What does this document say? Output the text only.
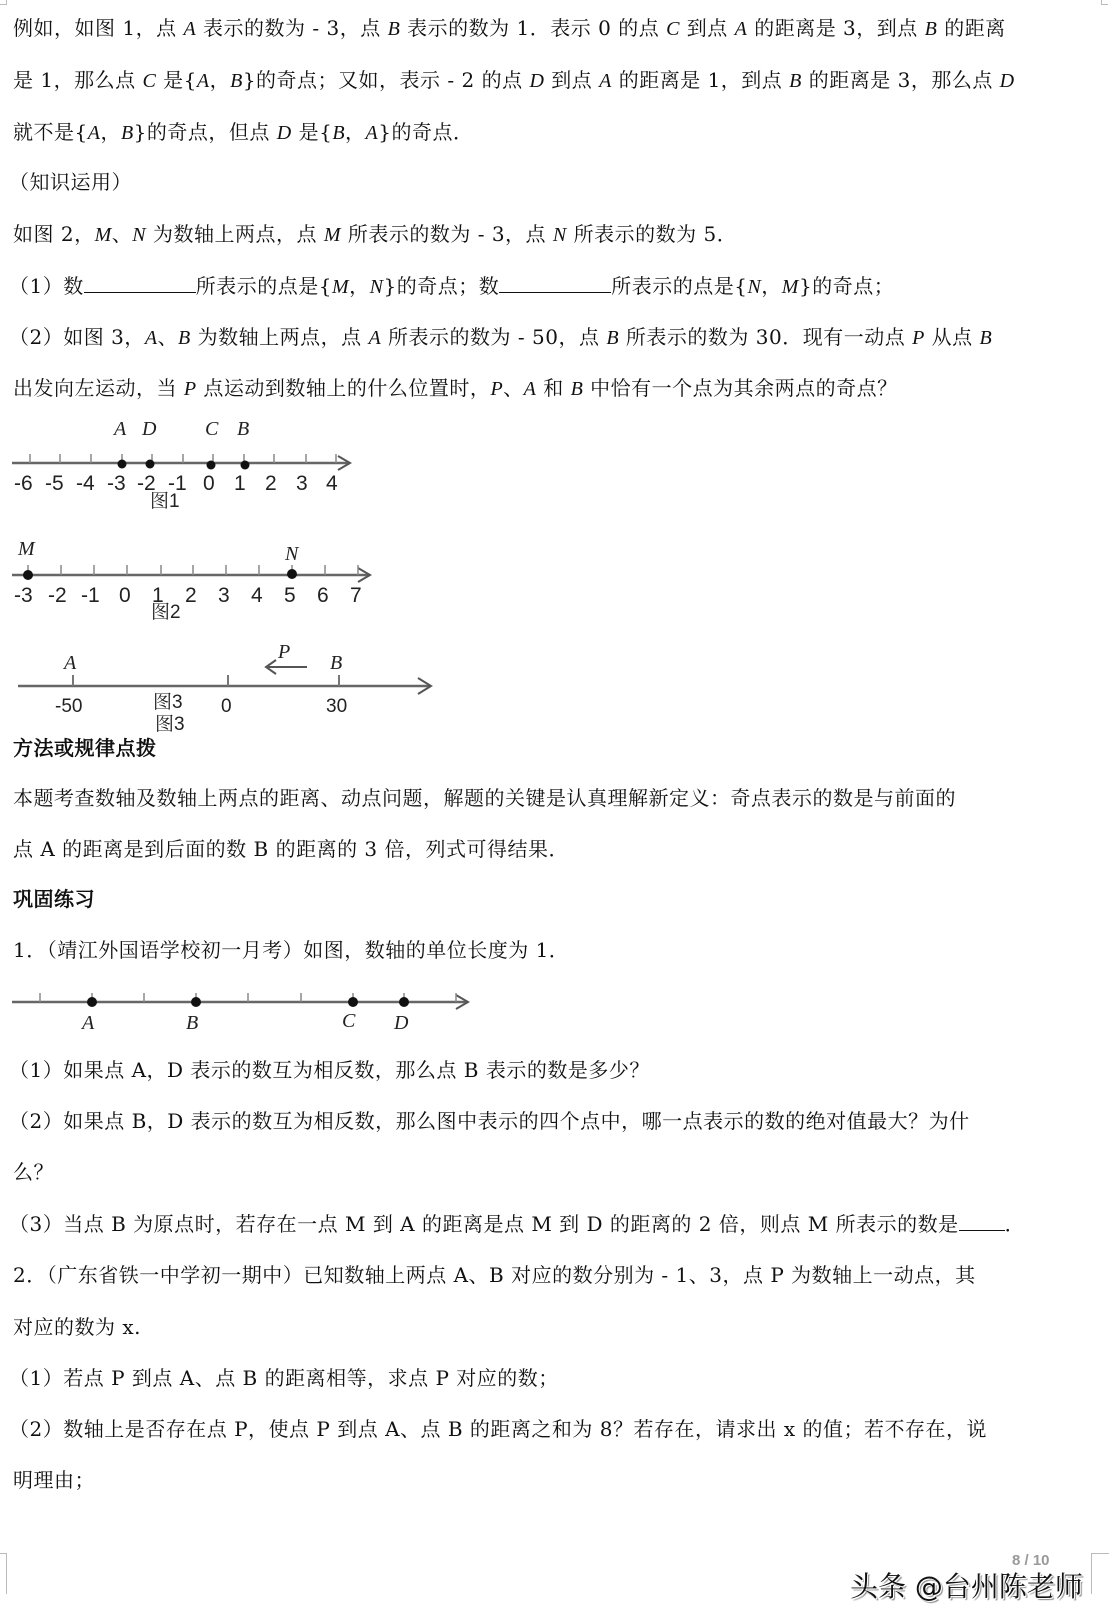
例如，如图 1，点 A 表示的数为 - 3，点 B 表示的数为 1．表示 0 的点 C 到点 A 的距离是 3，到点 B 的距离
是 1，那么点 C 是{A，B}的奇点；又如，表示 - 2 的点 D 到点 A 的距离是 1，到点 B 的距离是 3，那么点 D
就不是{A，B}的奇点，但点 D 是{B，A}的奇点．
（知识运用）
如图 2，M、N 为数轴上两点，点 M 所表示的数为 - 3，点 N 所表示的数为 5．
（1）数	所表示的点是{M，N}的奇点；数	所表示的点是{N，M}的奇点；
（2）如图 3，A、B 为数轴上两点，点 A 所表示的数为 - 50，点 B 所表示的数为 30．现有一动点 P 从点 B
出发向左运动，当 P 点运动到数轴上的什么位置时，P、A 和 B 中恰有一个点为其余两点的奇点？
-6 -5 -4 -3 -2 -1 0 1 2 3 4
A D C B
图1
-3 -2 -1 0 1 2 3 4 5 6 7
M	N
图2
P
A	B
-50	0	30
图3
图3
方法或规律点拨
本题考查数轴及数轴上两点的距离、动点问题，解题的关键是认真理解新定义：奇点表示的数是与前面的
点 A 的距离是到后面的数 B 的距离的 3 倍，列式可得结果．
巩固练习
1．（靖江外国语学校初一月考）如图，数轴的单位长度为 1．
A	B	C D
（1）如果点 A，D 表示的数互为相反数，那么点 B 表示的数是多少？
（2）如果点 B，D 表示的数互为相反数，那么图中表示的四个点中，哪一点表示的数的绝对值最大？为什
么？
（3）当点 B 为原点时，若存在一点 M 到 A 的距离是点 M 到 D 的距离的 2 倍，则点 M 所表示的数是 ．
2．（广东省铁一中学初一期中）已知数轴上两点 A、B 对应的数分别为 - 1、3，点 P 为数轴上一动点，其
对应的数为 x.
（1）若点 P 到点 A、点 B 的距离相等，求点 P 对应的数；
（2）数轴上是否存在点 P，使点 P 到点 A、点 B 的距离之和为 8？若存在，请求出 x 的值；若不存在，说
明理由；
8 / 10
头条 @台州陈老师
